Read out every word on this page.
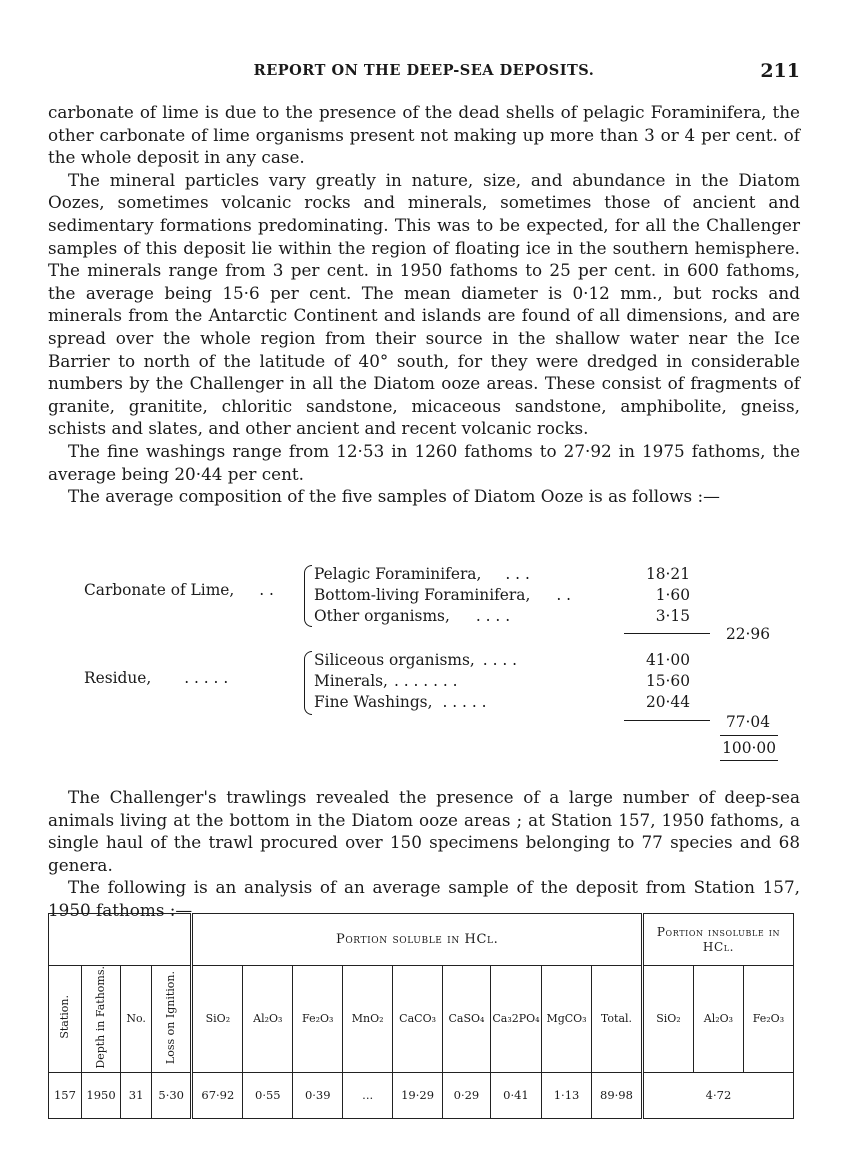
REPORT ON THE DEEP-SEA DEPOSITS.	211

carbonate of lime is due to the presence of the dead shells of pelagic Foraminifera, the other carbonate of lime organisms present not making up more than 3 or 4 per cent. of the whole deposit in any case.

The mineral particles vary greatly in nature, size, and abundance in the Diatom Oozes, sometimes volcanic rocks and minerals, sometimes those of ancient and sedimentary formations predominating. This was to be expected, for all the Challenger samples of this deposit lie within the region of floating ice in the southern hemisphere. The minerals range from 3 per cent. in 1950 fathoms to 25 per cent. in 600 fathoms, the average being 15·6 per cent. The mean diameter is 0·12 mm., but rocks and minerals from the Antarctic Continent and islands are found of all dimensions, and are spread over the whole region from their source in the shallow water near the Ice Barrier to north of the latitude of 40° south, for they were dredged in considerable numbers by the Challenger in all the Diatom ooze areas. These consist of fragments of granite, granitite, chloritic sandstone, micaceous sandstone, amphibolite, gneiss, schists and slates, and other ancient and recent volcanic rocks.

The fine washings range from 12·53 in 1260 fathoms to 27·92 in 1975 fathoms, the average being 20·44 per cent.

The average composition of the five samples of Diatom Ooze is as follows :—

Carbonate of Lime, . .
Pelagic Foraminifera, . . .	18·21
Bottom-living Foraminifera, . .	1·60
Other organisms, . . . .	3·15
22·96
Residue, . . . . .
Siliceous organisms, . . . .	41·00
Minerals, . . . . . . .	15·60
Fine Washings, . . . . .	20·44
77·04
100·00

The Challenger's trawlings revealed the presence of a large number of deep-sea animals living at the bottom in the Diatom ooze areas ; at Station 157, 1950 fathoms, a single haul of the trawl procured over 150 specimens belonging to 77 species and 68 genera.

The following is an analysis of an average sample of the deposit from Station 157, 1950 fathoms :—

				Portion soluble in HCl.									Portion insoluble in HCl.		
Station.	Depth in Fathoms.	No.	Loss on Ignition.	SiO₂	Al₂O₃	Fe₂O₃	MnO₂	CaCO₃	CaSO₄	Ca₃2PO₄	MgCO₃	Total.	SiO₂	Al₂O₃	Fe₂O₃
157	1950	31	5·30	67·92	0·55	0·39	...	19·29	0·29	0·41	1·13	89·98	4·72		
